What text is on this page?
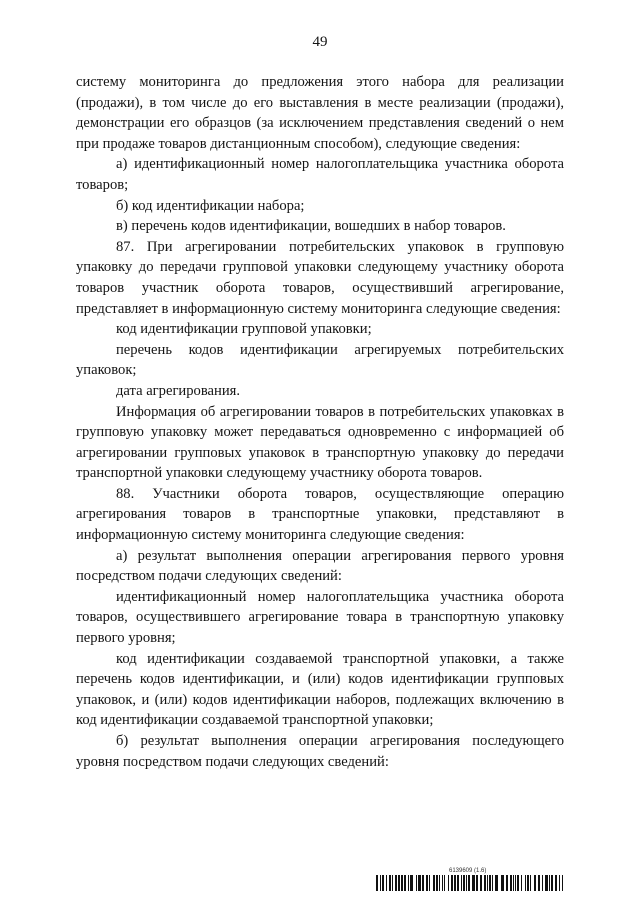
49

систему мониторинга до предложения этого набора для реализации (продажи), в том числе до его выставления в месте реализации (продажи), демонстрации его образцов (за исключением представления сведений о нем при продаже товаров дистанционным способом), следующие сведения:

а) идентификационный номер налогоплательщика участника оборота товаров;

б) код идентификации набора;

в) перечень кодов идентификации, вошедших в набор товаров.

87. При агрегировании потребительских упаковок в групповую упаковку до передачи групповой упаковки следующему участнику оборота товаров участник оборота товаров, осуществивший агрегирование, представляет в информационную систему мониторинга следующие сведения:

код идентификации групповой упаковки;

перечень кодов идентификации агрегируемых потребительских упаковок;

дата агрегирования.

Информация об агрегировании товаров в потребительских упаковках в групповую упаковку может передаваться одновременно с информацией об агрегировании групповых упаковок в транспортную упаковку до передачи транспортной упаковки следующему участнику оборота товаров.

88. Участники оборота товаров, осуществляющие операцию агрегирования товаров в транспортные упаковки, представляют в информационную систему мониторинга следующие сведения:

а) результат выполнения операции агрегирования первого уровня посредством подачи следующих сведений:

идентификационный номер налогоплательщика участника оборота товаров, осуществившего агрегирование товара в транспортную упаковку первого уровня;

код идентификации создаваемой транспортной упаковки, а также перечень кодов идентификации, и (или) кодов идентификации групповых упаковок, и (или) кодов идентификации наборов, подлежащих включению в код идентификации создаваемой транспортной упаковки;

б) результат выполнения операции агрегирования последующего уровня посредством подачи следующих сведений:

6139609 (1.6)
